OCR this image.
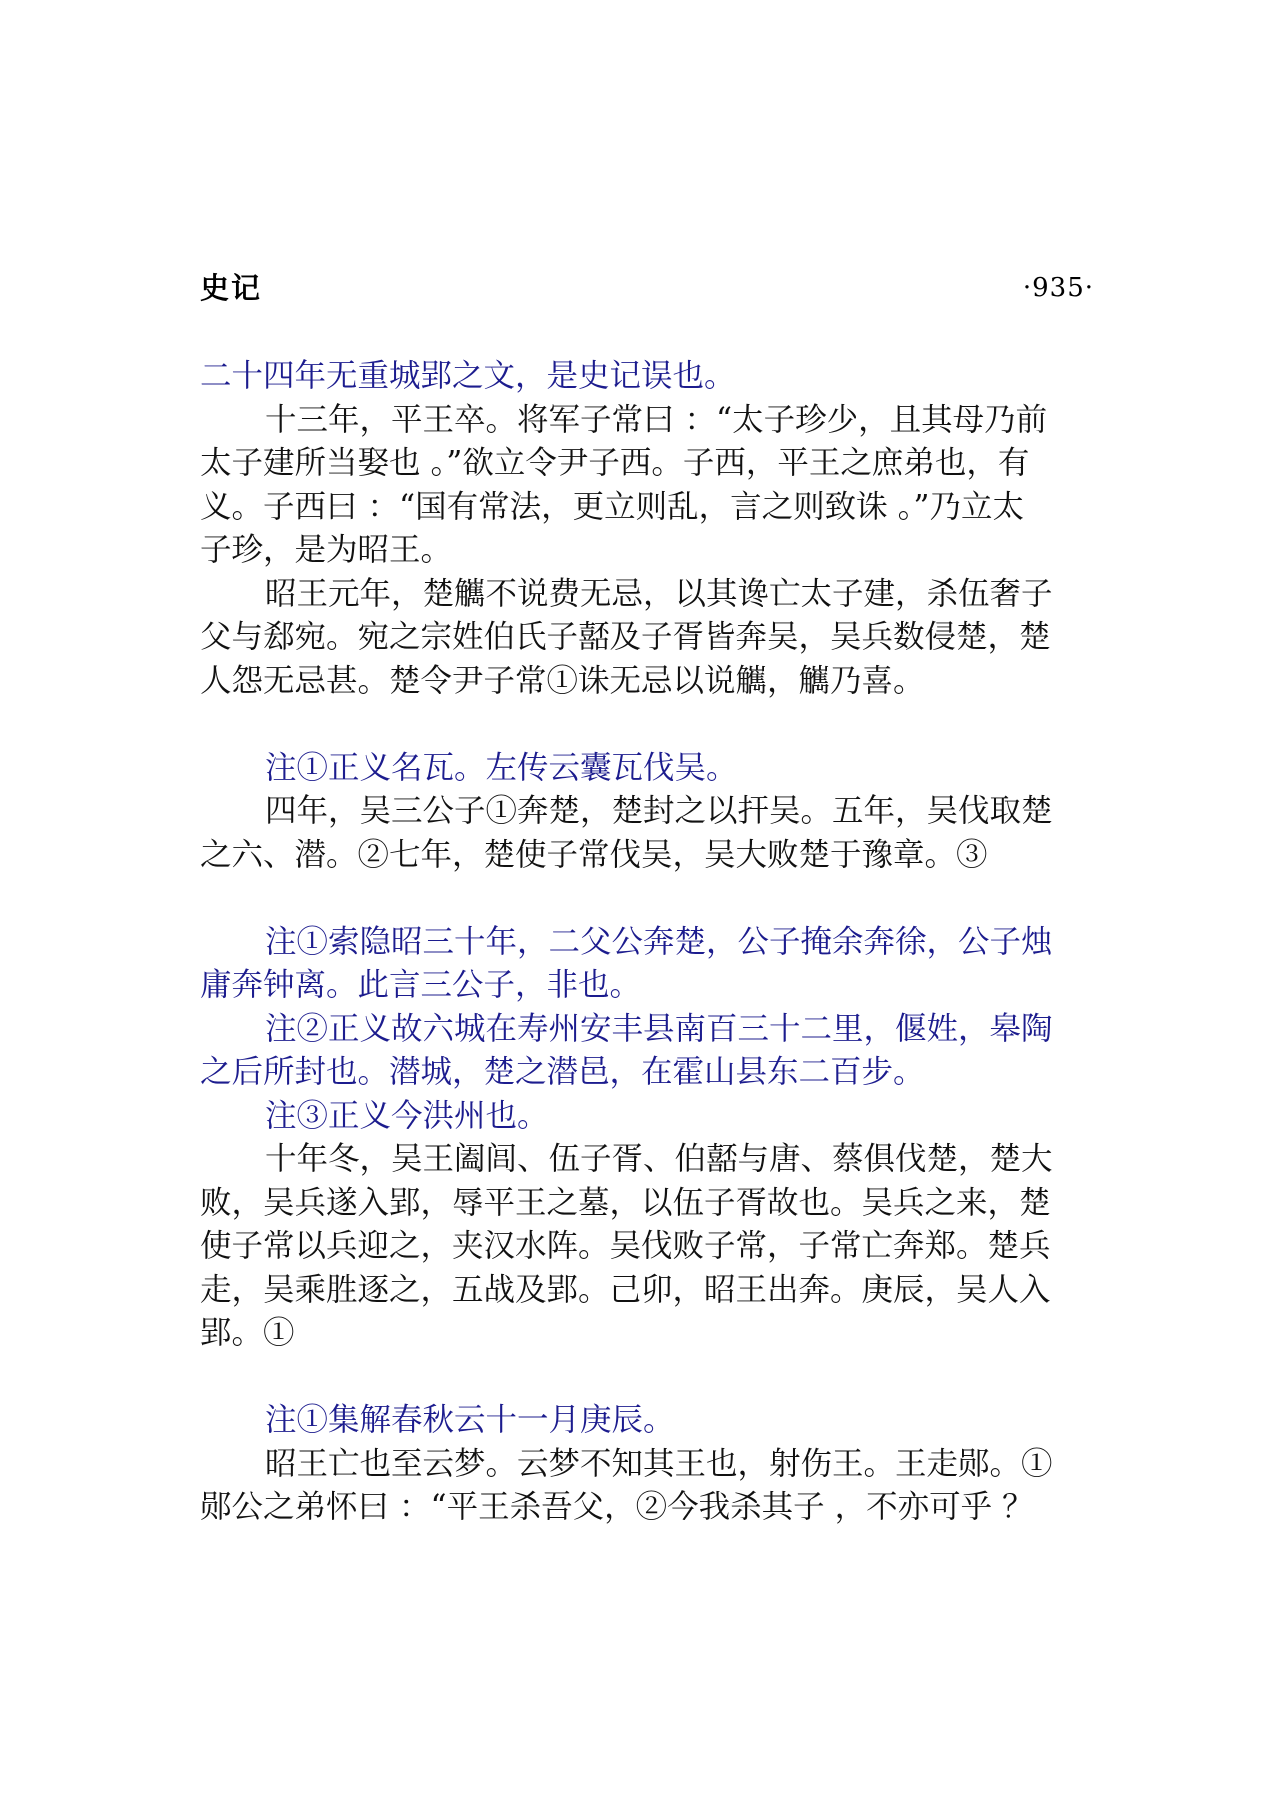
史记	·935·
二十四年无重城郢之文，是史记误也。
十三年，平王卒。将军子常曰 ：“太子珍少，且其母乃前
太子建所当娶也 。”欲立令尹子西。子西，平王之庶弟也，有
义。子西曰 ：“国有常法，更立则乱，言之则致诛 。”乃立太
子珍，是为昭王。
昭王元年，楚觽不说费无忌，以其谗亡太子建，杀伍奢子
父与郄宛。宛之宗姓伯氏子嚭及子胥皆奔吴，吴兵数侵楚，楚
人怨无忌甚。楚令尹子常①诛无忌以说觽，觽乃喜。
注①正义名瓦。左传云囊瓦伐吴。
四年，吴三公子①奔楚，楚封之以扞吴。五年，吴伐取楚
之六、潜。②七年，楚使子常伐吴，吴大败楚于豫章。③
注①索隐昭三十年，二父公奔楚，公子掩余奔徐，公子烛
庸奔钟离。此言三公子，非也。
注②正义故六城在寿州安丰县南百三十二里，偃姓，皋陶
之后所封也。潜城，楚之潜邑，在霍山县东二百步。
注③正义今洪州也。
十年冬，吴王阖闾、伍子胥、伯嚭与唐、蔡俱伐楚，楚大
败，吴兵遂入郢，辱平王之墓，以伍子胥故也。吴兵之来，楚
使子常以兵迎之，夹汉水阵。吴伐败子常，子常亡奔郑。楚兵
走，吴乘胜逐之，五战及郢。己卯，昭王出奔。庚辰，吴人入
郢。①
注①集解春秋云十一月庚辰。
昭王亡也至云梦。云梦不知其王也，射伤王。王走郧。①
郧公之弟怀曰 ：“平王杀吾父，②今我杀其子 ，不亦可乎 ？
